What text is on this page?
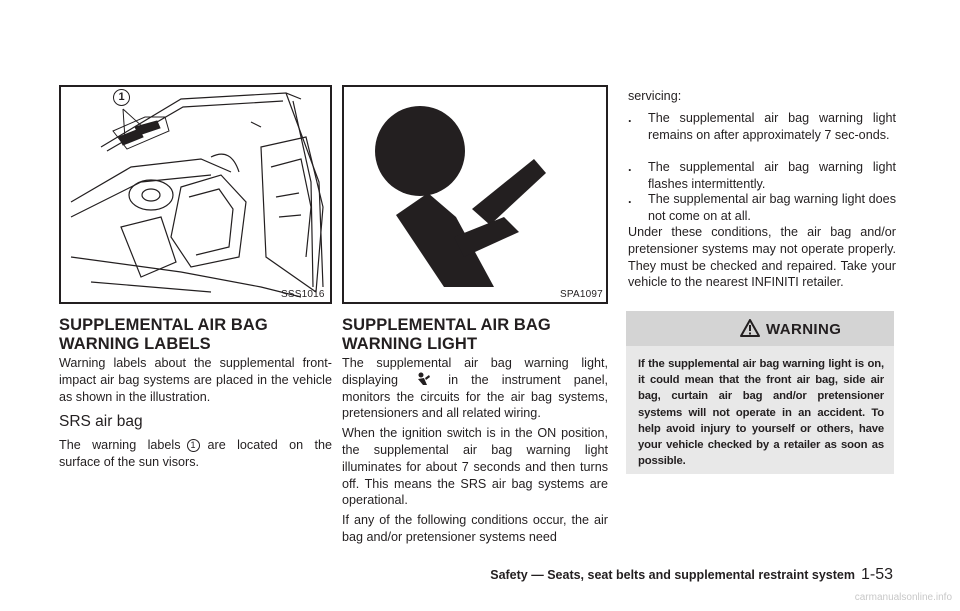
1
SSS1016	SPA1097
SUPPLEMENTAL AIR BAG WARNING LABELS

Warning labels about the supplemental front-impact air bag systems are placed in the vehicle as shown in the illustration.

SRS air bag
The warning labels 1 are located on the surface of the sun visors.
SUPPLEMENTAL AIR BAG WARNING LIGHT

The supplemental air bag warning light, displaying	in the instrument panel, monitors the circuits for the air bag systems, pretensioners and all related wiring.

When the ignition switch is in the ON position, the supplemental air bag warning light illuminates for about 7 seconds and then turns off. This means the SRS air bag systems are operational.

If any of the following conditions occur, the air bag and/or pretensioner systems need

servicing:
.	The supplemental air bag warning light remains on after approximately 7 sec-onds.
.	The supplemental air bag warning light flashes intermittently.
.	The supplemental air bag warning light does not come on at all.
Under these conditions, the air bag and/or pretensioner systems may not operate properly. They must be checked and repaired. Take your vehicle to the nearest INFINITI retailer.
WARNING
If the supplemental air bag warning light is on, it could mean that the front air bag, side air bag, curtain air bag and/or pretensioner systems will not operate in an accident. To help avoid injury to yourself or others, have your vehicle checked by a retailer as soon as possible.
Safety — Seats, seat belts and supplemental restraint system 1-53
carmanualsonline.info
